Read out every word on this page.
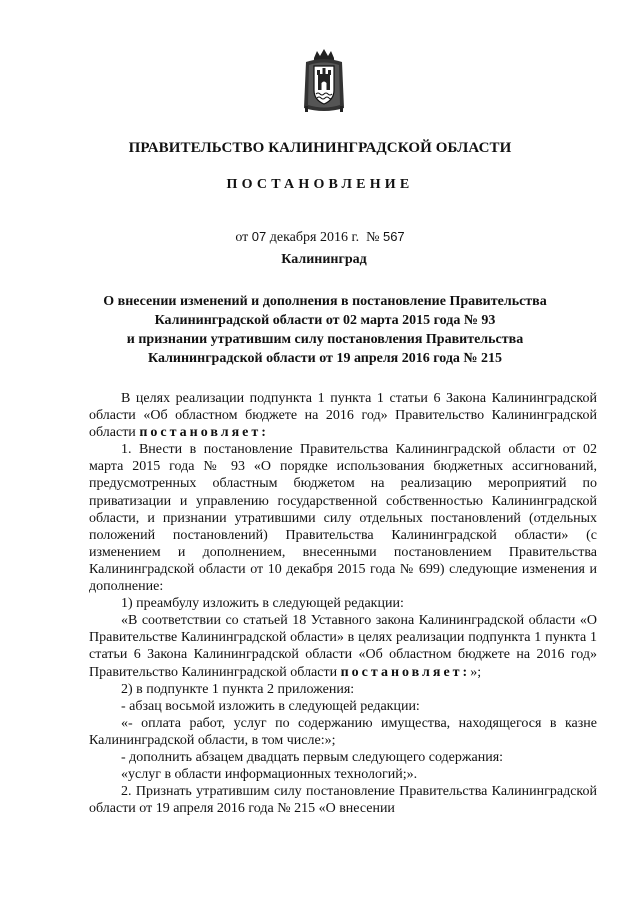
ПРАВИТЕЛЬСТВО КАЛИНИНГРАДСКОЙ ОБЛАСТИ
ПОСТАНОВЛЕНИЕ
от 07 декабря 2016 г. № 567
Калининград
О внесении изменений и дополнения в постановление Правительства
Калининградской области от 02 марта 2015 года № 93
и признании утратившим силу постановления Правительства
Калининградской области от 19 апреля 2016 года № 215

В целях реализации подпункта 1 пункта 1 статьи 6 Закона Калининградской области «Об областном бюджете на 2016 год» Правительство Калининградской области постановляет:

1. Внести в постановление Правительства Калининградской области от 02 марта 2015 года № 93 «О порядке использования бюджетных ассигнований, предусмотренных областным бюджетом на реализацию мероприятий по приватизации и управлению государственной собственностью Калининградской области, и признании утратившими силу отдельных постановлений (отдельных положений постановлений) Правительства Калининградской области» (с изменением и дополнением, внесенными постановлением Правительства Калининградской области от 10 декабря 2015 года № 699) следующие изменения и дополнение:

1) преамбулу изложить в следующей редакции:

«В соответствии со статьей 18 Уставного закона Калининградской области «О Правительстве Калининградской области» в целях реализации подпункта 1 пункта 1 статьи 6 Закона Калининградской области «Об областном бюджете на 2016 год» Правительство Калининградской области постановляет:»;

2) в подпункте 1 пункта 2 приложения:

- абзац восьмой изложить в следующей редакции:

«- оплата работ, услуг по содержанию имущества, находящегося в казне Калининградской области, в том числе:»;

- дополнить абзацем двадцать первым следующего содержания:

«услуг в области информационных технологий;».

2. Признать утратившим силу постановление Правительства Калининградской области от 19 апреля 2016 года № 215 «О внесении
